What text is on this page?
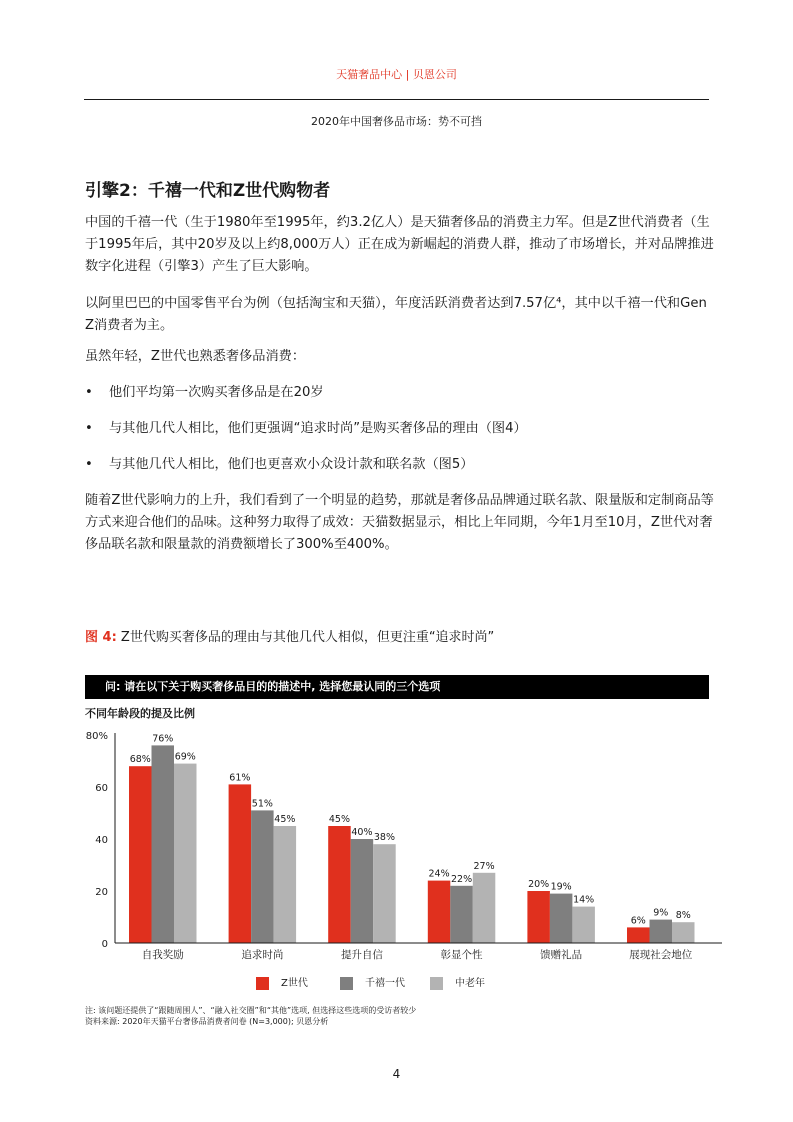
天猫奢品中心 | 贝恩公司
2020年中国奢侈品市场：势不可挡
引擎2：千禧一代和Z世代购物者
中国的千禧一代（生于1980年至1995年，约3.2亿人）是天猫奢侈品的消费主力军。但是Z世代消费者（生于1995年后，其中20岁及以上约8,000万人）正在成为新崛起的消费人群，推动了市场增长，并对品牌推进数字化进程（引擎3）产生了巨大影响。
以阿里巴巴的中国零售平台为例（包括淘宝和天猫），年度活跃消费者达到7.57亿⁴，其中以千禧一代和Gen Z消费者为主。
虽然年轻，Z世代也熟悉奢侈品消费：
• 他们平均第一次购买奢侈品是在20岁
• 与其他几代人相比，他们更强调“追求时尚”是购买奢侈品的理由（图4）
• 与其他几代人相比，他们也更喜欢小众设计款和联名款（图5）
随着Z世代影响力的上升，我们看到了一个明显的趋势，那就是奢侈品品牌通过联名款、限量版和定制商品等方式来迎合他们的品味。这种努力取得了成效：天猫数据显示，相比上年同期，今年1月至10月，Z世代对奢侈品联名款和限量款的消费额增长了300%至400%。
图 4: Z世代购买奢侈品的理由与其他几代人相似，但更注重“追求时尚”
问: 请在以下关于购买奢侈品目的的描述中, 选择您最认同的三个选项
不同年龄段的提及比例
0
20
40
60
80%
68%
76%
69%
自我奖励
61%
51%
45%
追求时尚
45%
40% 38%
提升自信
24% 22%
27%
彰显个性
20% 19%
14%
馈赠礼品
6%
9% 8%
展现社会地位
Z世代	千禧一代	中老年
注: 该问题还提供了“跟随周围人”、“融入社交圈”和“其他”选项, 但选择这些选项的受访者较少
资料来源: 2020年天猫平台奢侈品消费者问卷 (N=3,000); 贝恩分析
4
